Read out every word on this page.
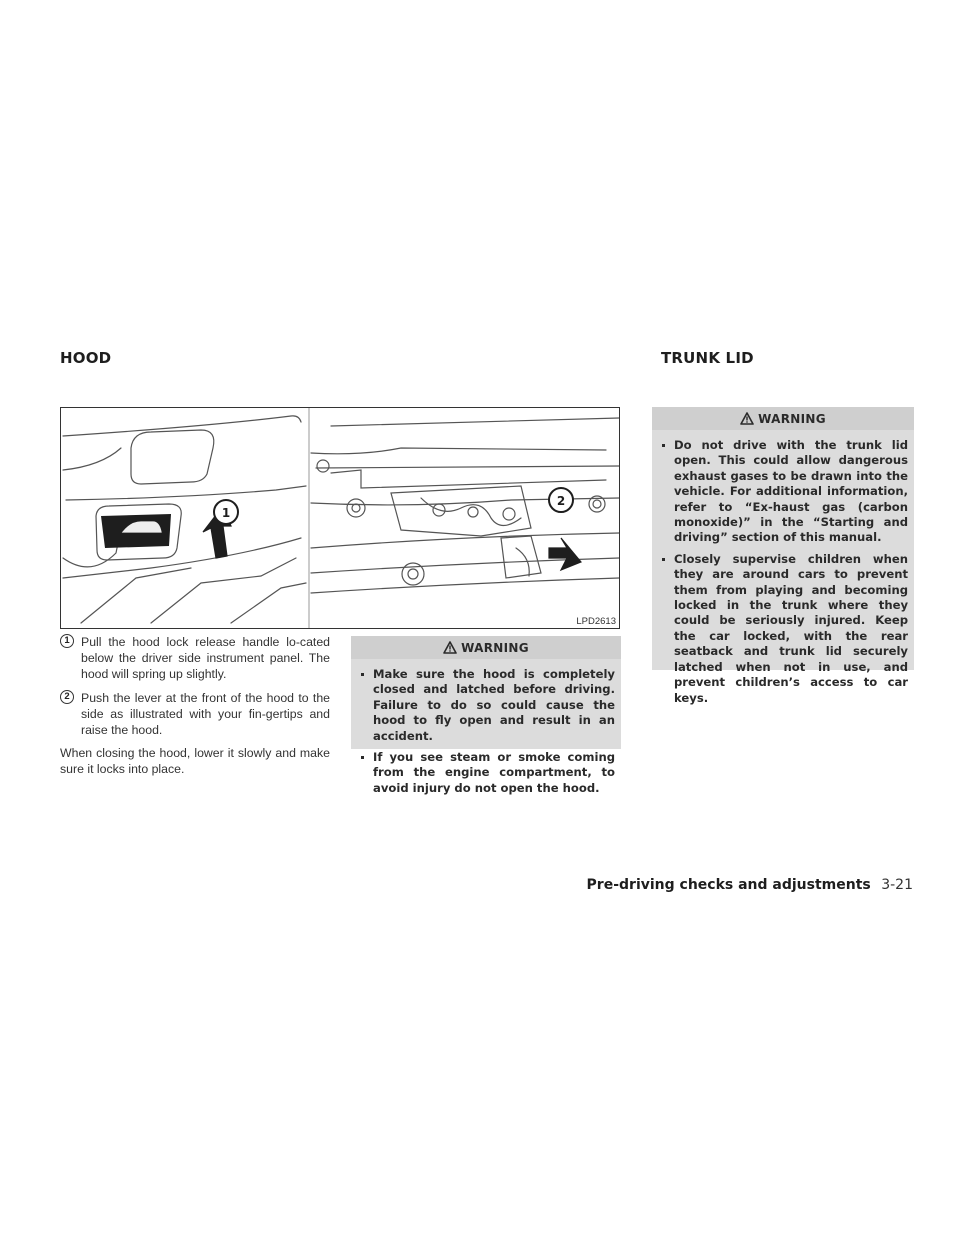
HOOD	TRUNK LID
1
2
LPD2613
1 Pull the hood lock release handle lo-cated below the driver side instrument panel. The hood will spring up slightly.
2 Push the lever at the front of the hood to the side as illustrated with your fin-gertips and raise the hood.
When closing the hood, lower it slowly and make sure it locks into place.
WARNING
Make sure the hood is completely closed and latched before driving. Failure to do so could cause the hood to fly open and result in an accident.
If you see steam or smoke coming from the engine compartment, to avoid injury do not open the hood.
WARNING
Do not drive with the trunk lid open. This could allow dangerous exhaust gases to be drawn into the vehicle. For additional information, refer to “Ex-haust gas (carbon monoxide)” in the “Starting and driving” section of this manual.
Closely supervise children when they are around cars to prevent them from playing and becoming locked in the trunk where they could be seriously injured. Keep the car locked, with the rear seatback and trunk lid securely latched when not in use, and prevent children’s access to car keys.
Pre-driving checks and adjustments 3-21
